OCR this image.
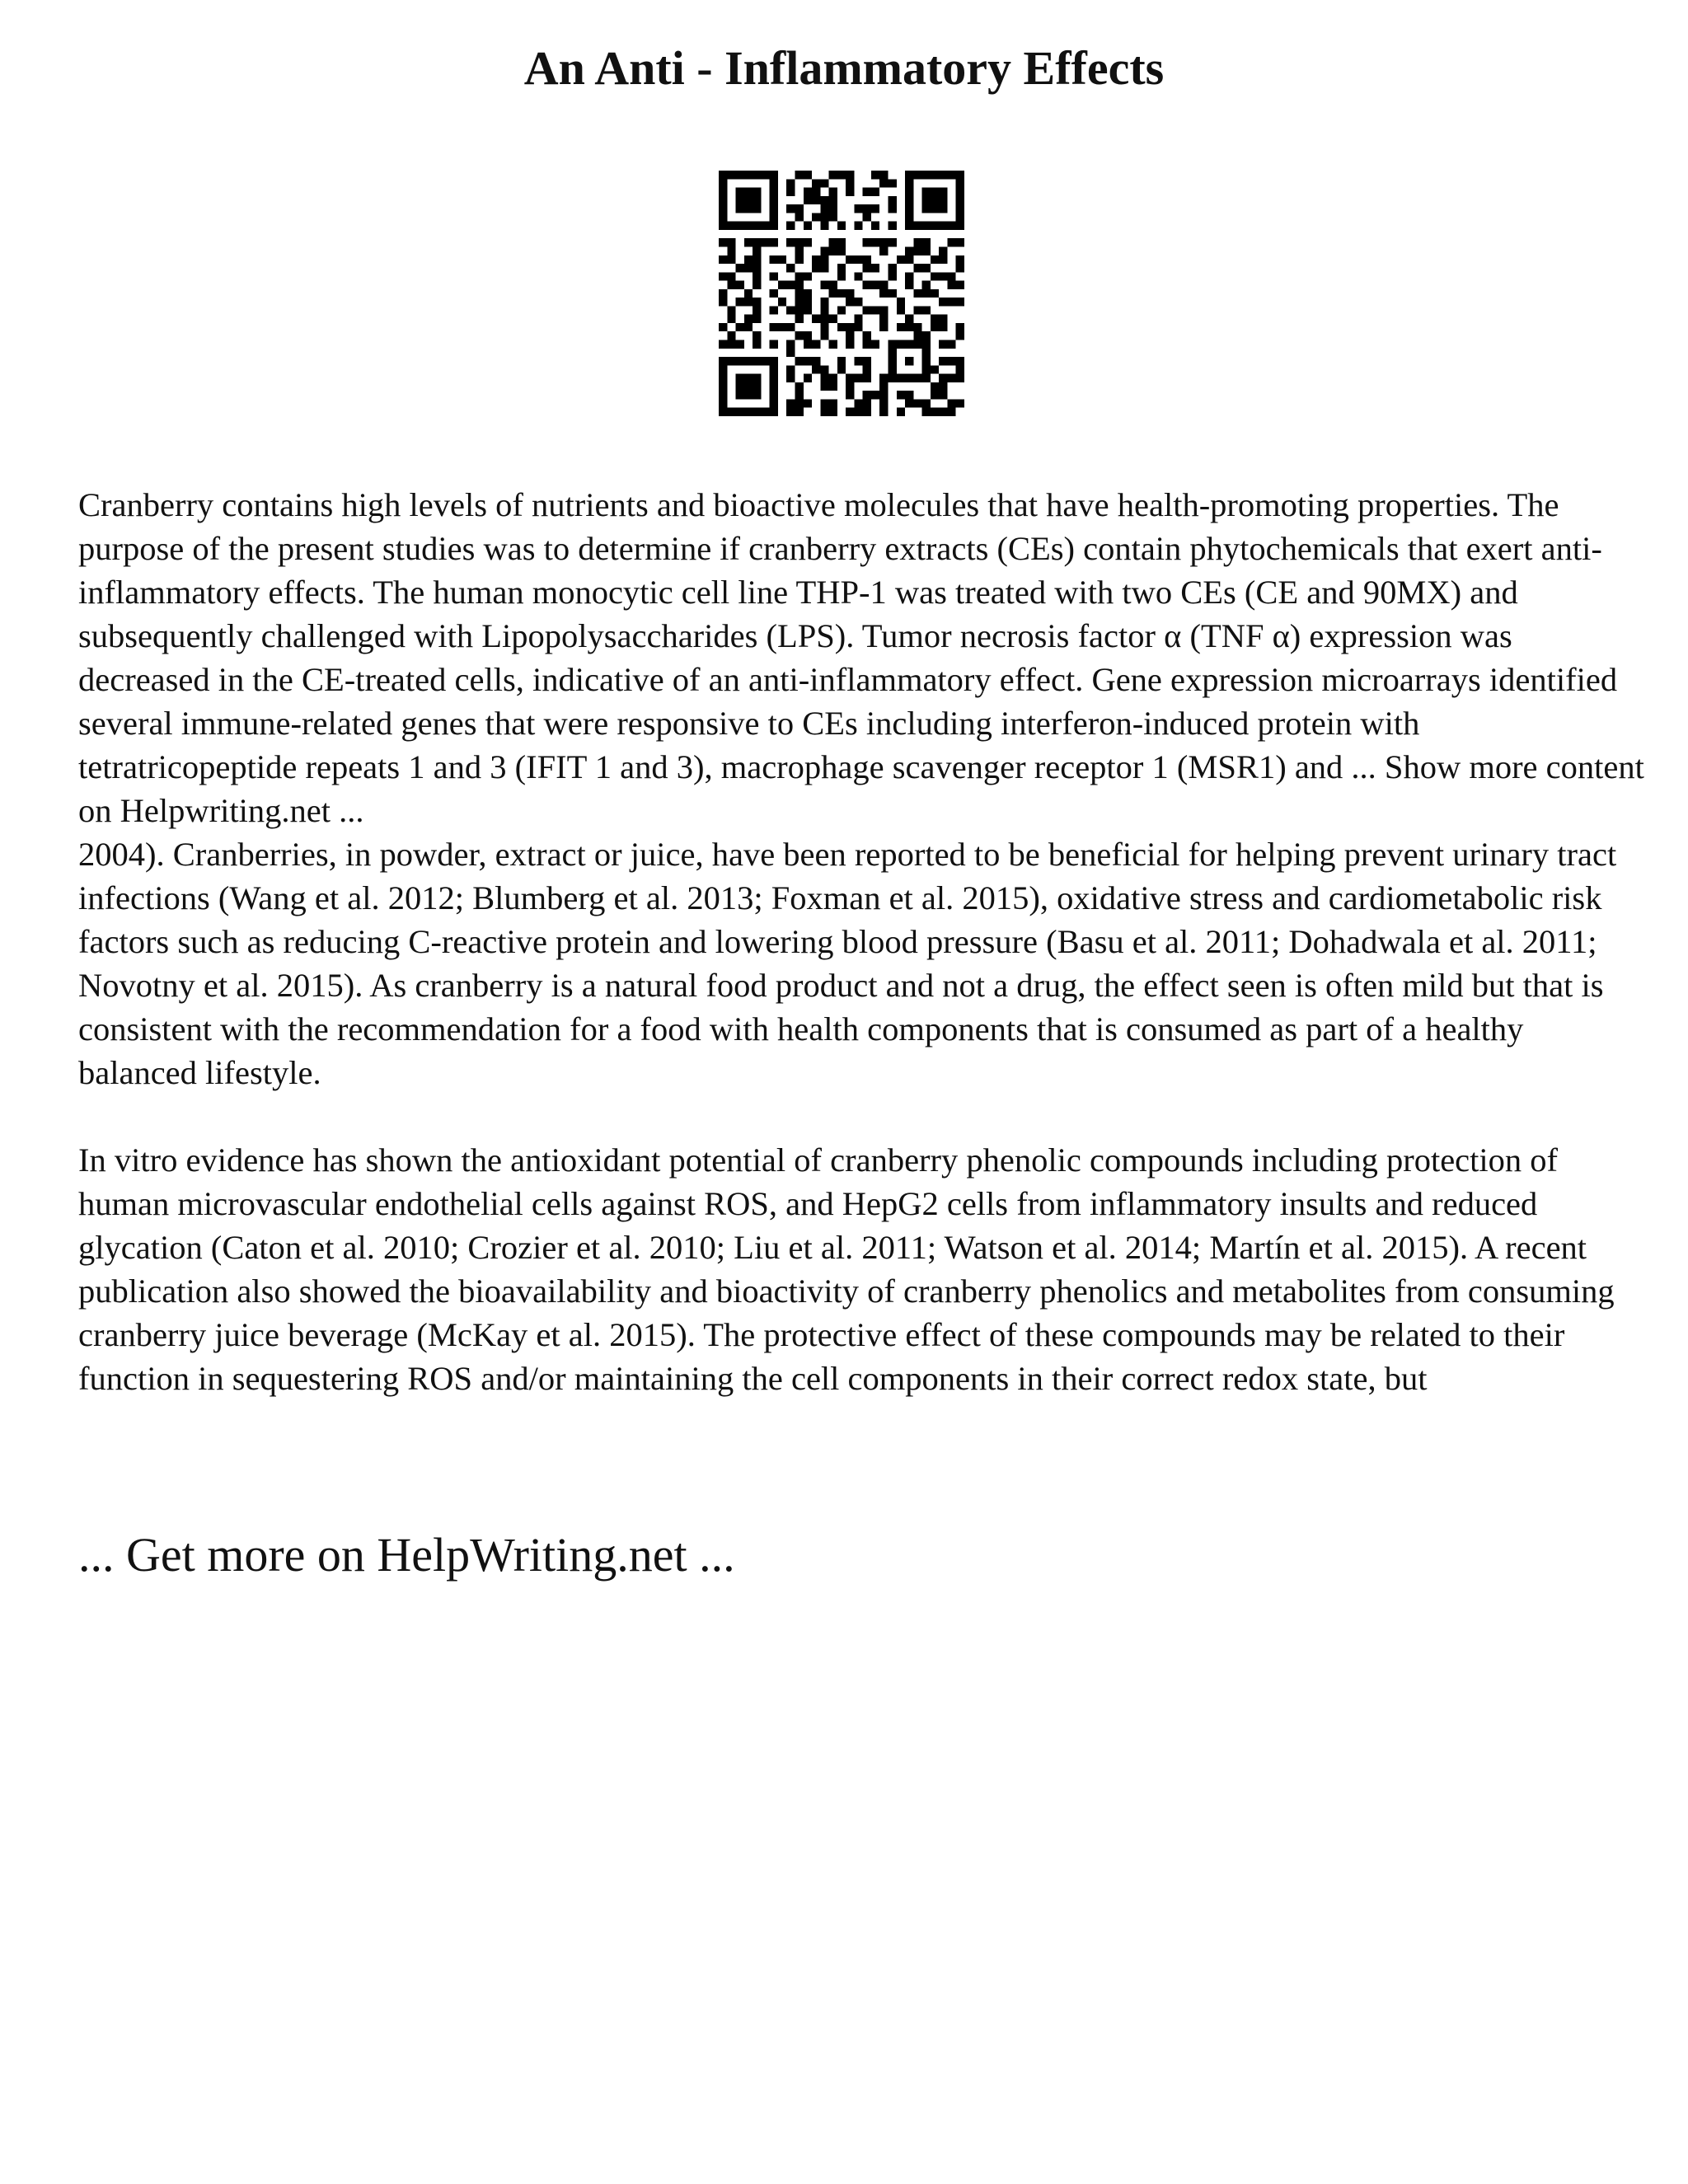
An Anti - Inflammatory Effects

Cranberry contains high levels of nutrients and bioactive molecules that have health-promoting properties. The purpose of the present studies was to determine if cranberry extracts (CEs) contain phytochemicals that exert anti-inflammatory effects. The human monocytic cell line THP-1 was treated with two CEs (CE and 90MX) and subsequently challenged with Lipopolysaccharides (LPS). Tumor necrosis factor α (TNF α) expression was decreased in the CE-treated cells, indicative of an anti-inflammatory effect. Gene expression microarrays identified several immune-related genes that were responsive to CEs including interferon-induced protein with tetratricopeptide repeats 1 and 3 (IFIT 1 and 3), macrophage scavenger receptor 1 (MSR1) and ... Show more content on Helpwriting.net ...

2004). Cranberries, in powder, extract or juice, have been reported to be beneficial for helping prevent urinary tract infections (Wang et al. 2012; Blumberg et al. 2013; Foxman et al. 2015), oxidative stress and cardiometabolic risk factors such as reducing C-reactive protein and lowering blood pressure (Basu et al. 2011; Dohadwala et al. 2011; Novotny et al. 2015). As cranberry is a natural food product and not a drug, the effect seen is often mild but that is consistent with the recommendation for a food with health components that is consumed as part of a healthy balanced lifestyle.

In vitro evidence has shown the antioxidant potential of cranberry phenolic compounds including protection of human microvascular endothelial cells against ROS, and HepG2 cells from inflammatory insults and reduced glycation (Caton et al. 2010; Crozier et al. 2010; Liu et al. 2011; Watson et al. 2014; Martín et al. 2015). A recent publication also showed the bioavailability and bioactivity of cranberry phenolics and metabolites from consuming cranberry juice beverage (McKay et al. 2015). The protective effect of these compounds may be related to their function in sequestering ROS and/or maintaining the cell components in their correct redox state, but

... Get more on HelpWriting.net ...
